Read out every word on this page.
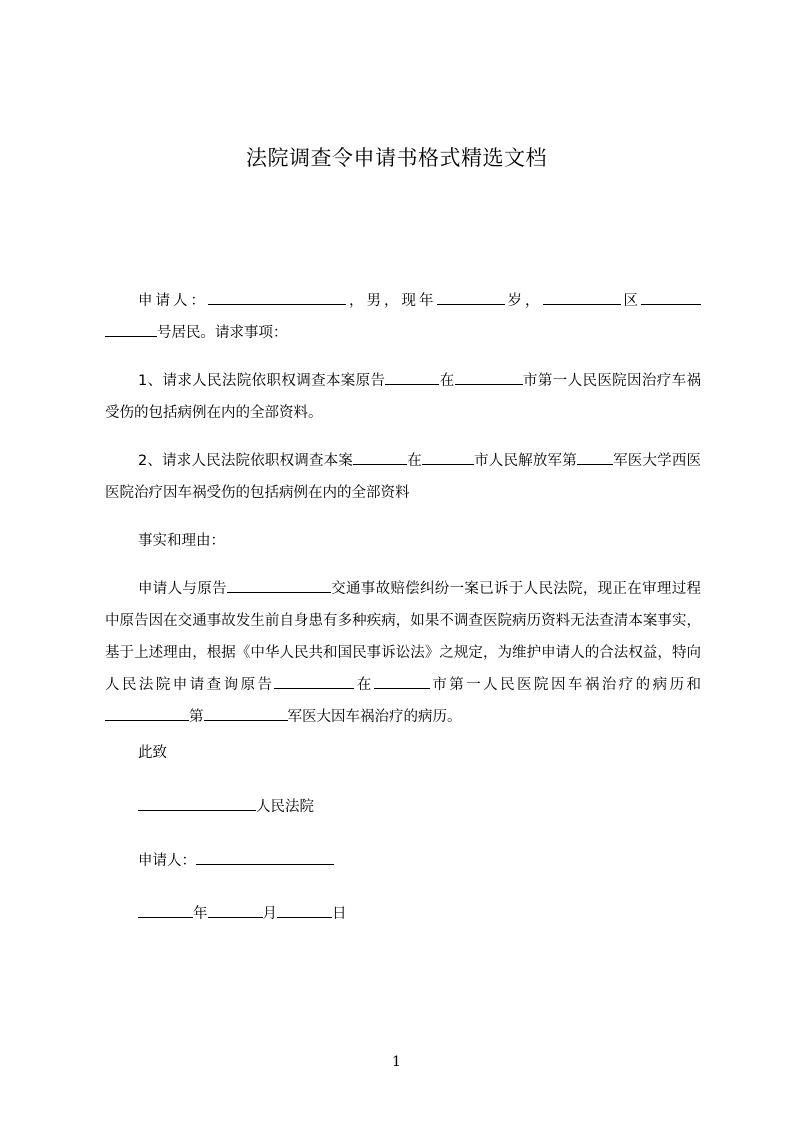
法院调查令申请书格式精选文档
申请人：	，男，现年	岁，	区号居民。请求事项：
1、请求人民法院依职权调查本案原告	在	市第一人民医院因治疗车祸受伤的包括病例在内的全部资料。
2、请求人民法院依职权调查本案	在	市人民解放军第 军医大学西医医院治疗因车祸受伤的包括病例在内的全部资料
事实和理由：
申请人与原告	交通事故赔偿纠纷一案已诉于人民法院，现正在审理过程中原告因在交通事故发生前自身患有多种疾病，如果不调查医院病历资料无法查清本案事实，基于上述理由，根据《中华人民共和国民事诉讼法》之规定，为维护申请人的合法权益，特向人民法院申请查询原告	在	市第一人民医院因车祸治疗的病历和第	军医大因车祸治疗的病历。
此致
人民法院
申请人：
年	月	日
1
